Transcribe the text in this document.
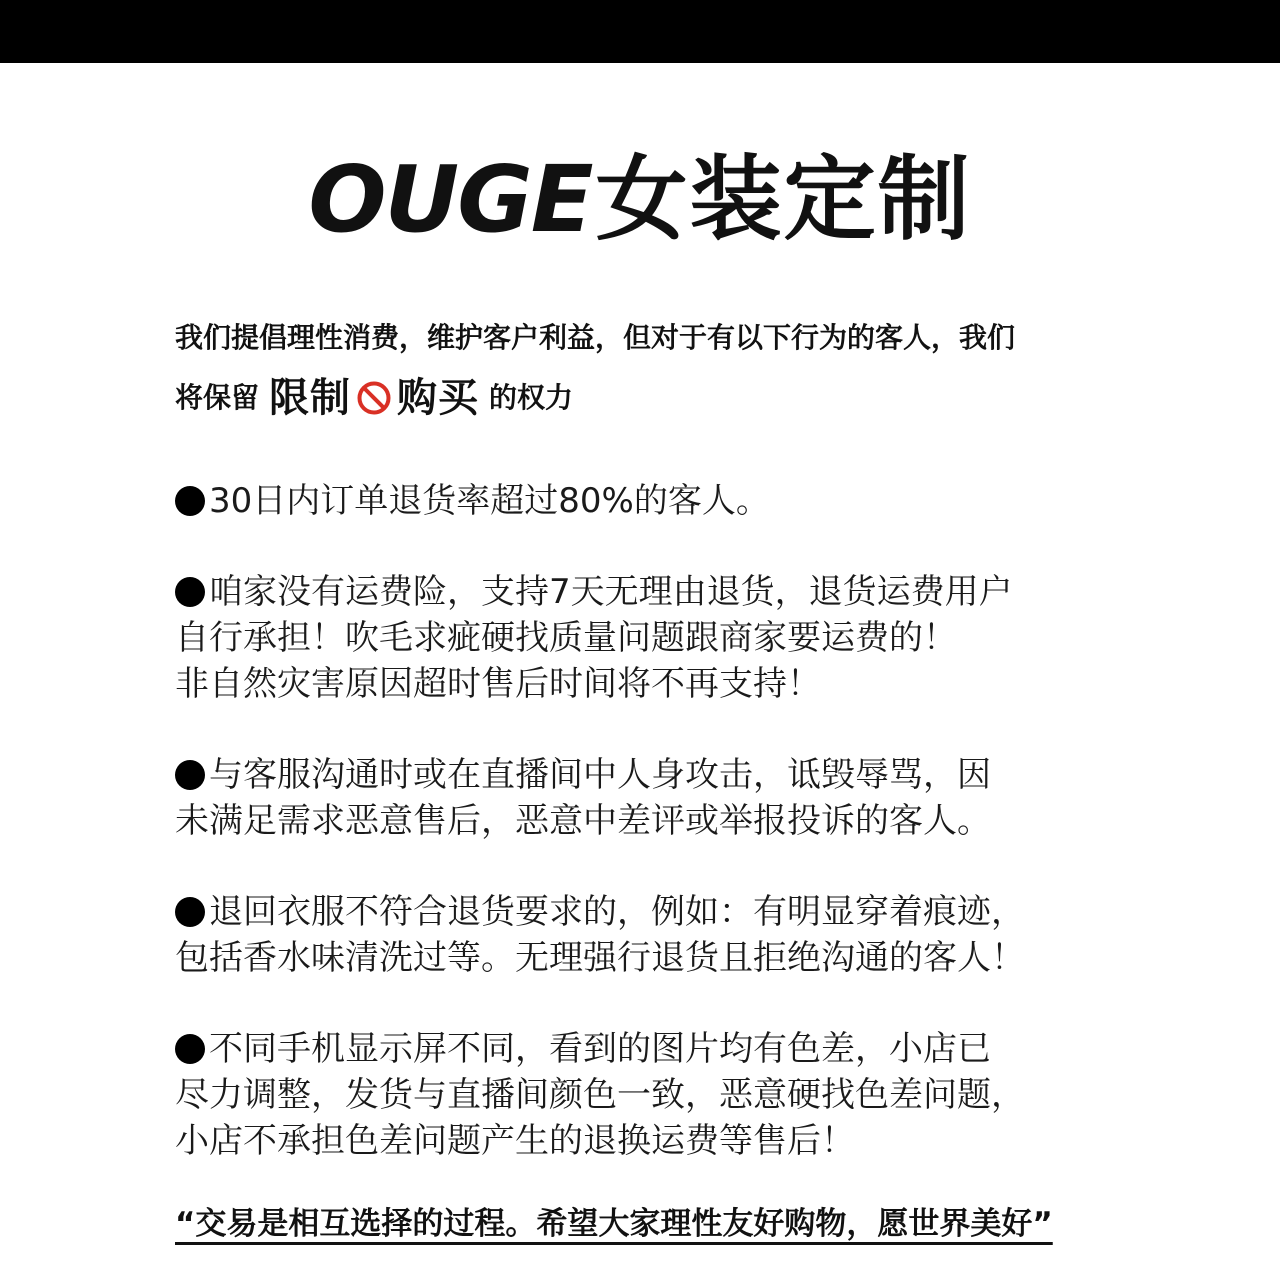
OUGE女装定制
我们提倡理性消费，维护客户利益，但对于有以下行为的客人，我们
将保留 限制 购买 的权力
30日内订单退货率超过80%的客人。
咱家没有运费险，支持7天无理由退货，退货运费用户
自行承担！吹毛求疵硬找质量问题跟商家要运费的！
非自然灾害原因超时售后时间将不再支持！
与客服沟通时或在直播间中人身攻击，诋毁辱骂，因
未满足需求恶意售后，恶意中差评或举报投诉的客人。
退回衣服不符合退货要求的，例如：有明显穿着痕迹，
包括香水味清洗过等。无理强行退货且拒绝沟通的客人！
不同手机显示屏不同，看到的图片均有色差，小店已
尽力调整，发货与直播间颜色一致，恶意硬找色差问题，
小店不承担色差问题产生的退换运费等售后！
“交易是相互选择的过程。希望大家理性友好购物，愿世界美好”
